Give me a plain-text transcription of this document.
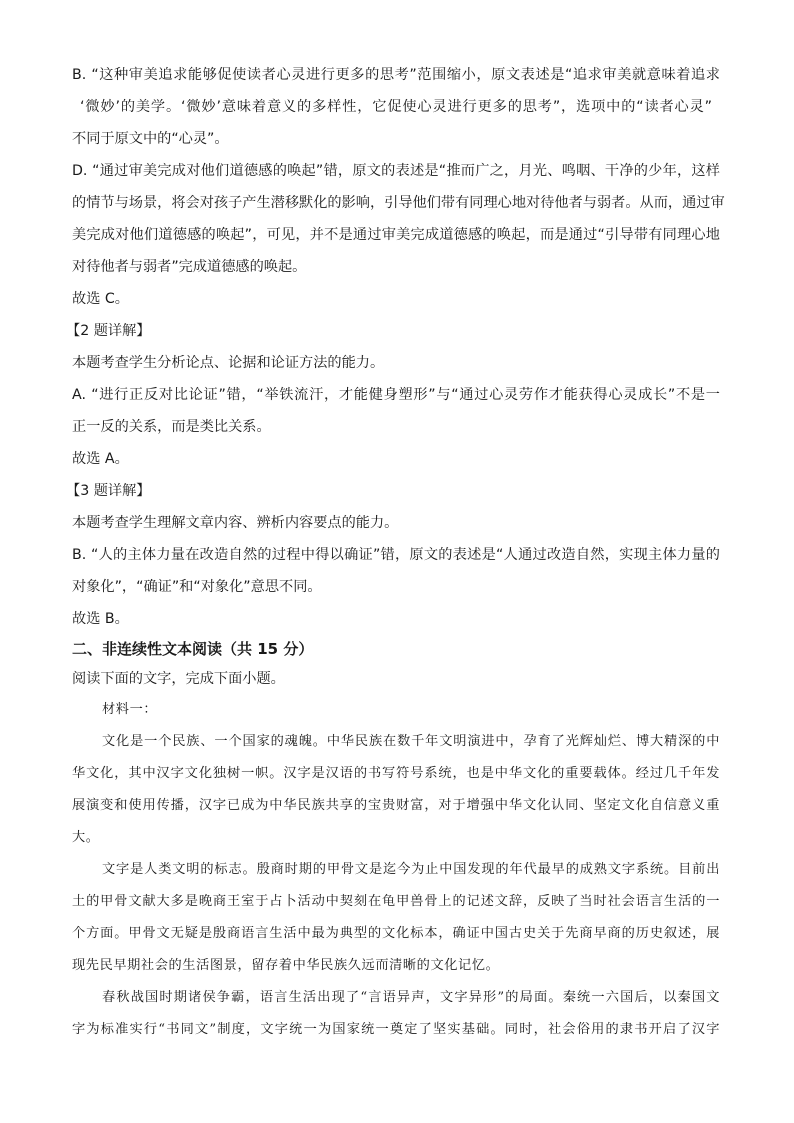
B. “这种审美追求能够促使读者心灵进行更多的思考”范围缩小，原文表述是“追求审美就意味着追求
‘微妙’的美学。‘微妙’意味着意义的多样性，它促使心灵进行更多的思考”，选项中的“读者心灵”
不同于原文中的“心灵”。
D. “通过审美完成对他们道德感的唤起”错，原文的表述是“推而广之，月光、鸣咽、干净的少年，这样
的情节与场景，将会对孩子产生潜移默化的影响，引导他们带有同理心地对待他者与弱者。从而，通过审
美完成对他们道德感的唤起”，可见，并不是通过审美完成道德感的唤起，而是通过“引导带有同理心地
对待他者与弱者”完成道德感的唤起。
故选 C。
【2 题详解】
本题考查学生分析论点、论据和论证方法的能力。
A. “进行正反对比论证”错，“举铁流汗，才能健身塑形”与“通过心灵劳作才能获得心灵成长”不是一
正一反的关系，而是类比关系。
故选 A。
【3 题详解】
本题考查学生理解文章内容、辨析内容要点的能力。
B. “人的主体力量在改造自然的过程中得以确证”错，原文的表述是“人通过改造自然，实现主体力量的
对象化”，“确证”和“对象化”意思不同。
故选 B。
二、非连续性文本阅读（共 15 分）
阅读下面的文字，完成下面小题。
材料一：
文化是一个民族、一个国家的魂魄。中华民族在数千年文明演进中，孕育了光辉灿烂、博大精深的中
华文化，其中汉字文化独树一帜。汉字是汉语的书写符号系统，也是中华文化的重要载体。经过几千年发
展演变和使用传播，汉字已成为中华民族共享的宝贵财富，对于增强中华文化认同、坚定文化自信意义重
大。
文字是人类文明的标志。殷商时期的甲骨文是迄今为止中国发现的年代最早的成熟文字系统。目前出
土的甲骨文献大多是晚商王室于占卜活动中契刻在龟甲兽骨上的记述文辞，反映了当时社会语言生活的一
个方面。甲骨文无疑是殷商语言生活中最为典型的文化标本，确证中国古史关于先商早商的历史叙述，展
现先民早期社会的生活图景，留存着中华民族久远而清晰的文化记忆。
春秋战国时期诸侯争霸，语言生活出现了“言语异声，文字异形”的局面。秦统一六国后，以秦国文
字为标准实行“书同文”制度，文字统一为国家统一奠定了坚实基础。同时，社会俗用的隶书开启了汉字
